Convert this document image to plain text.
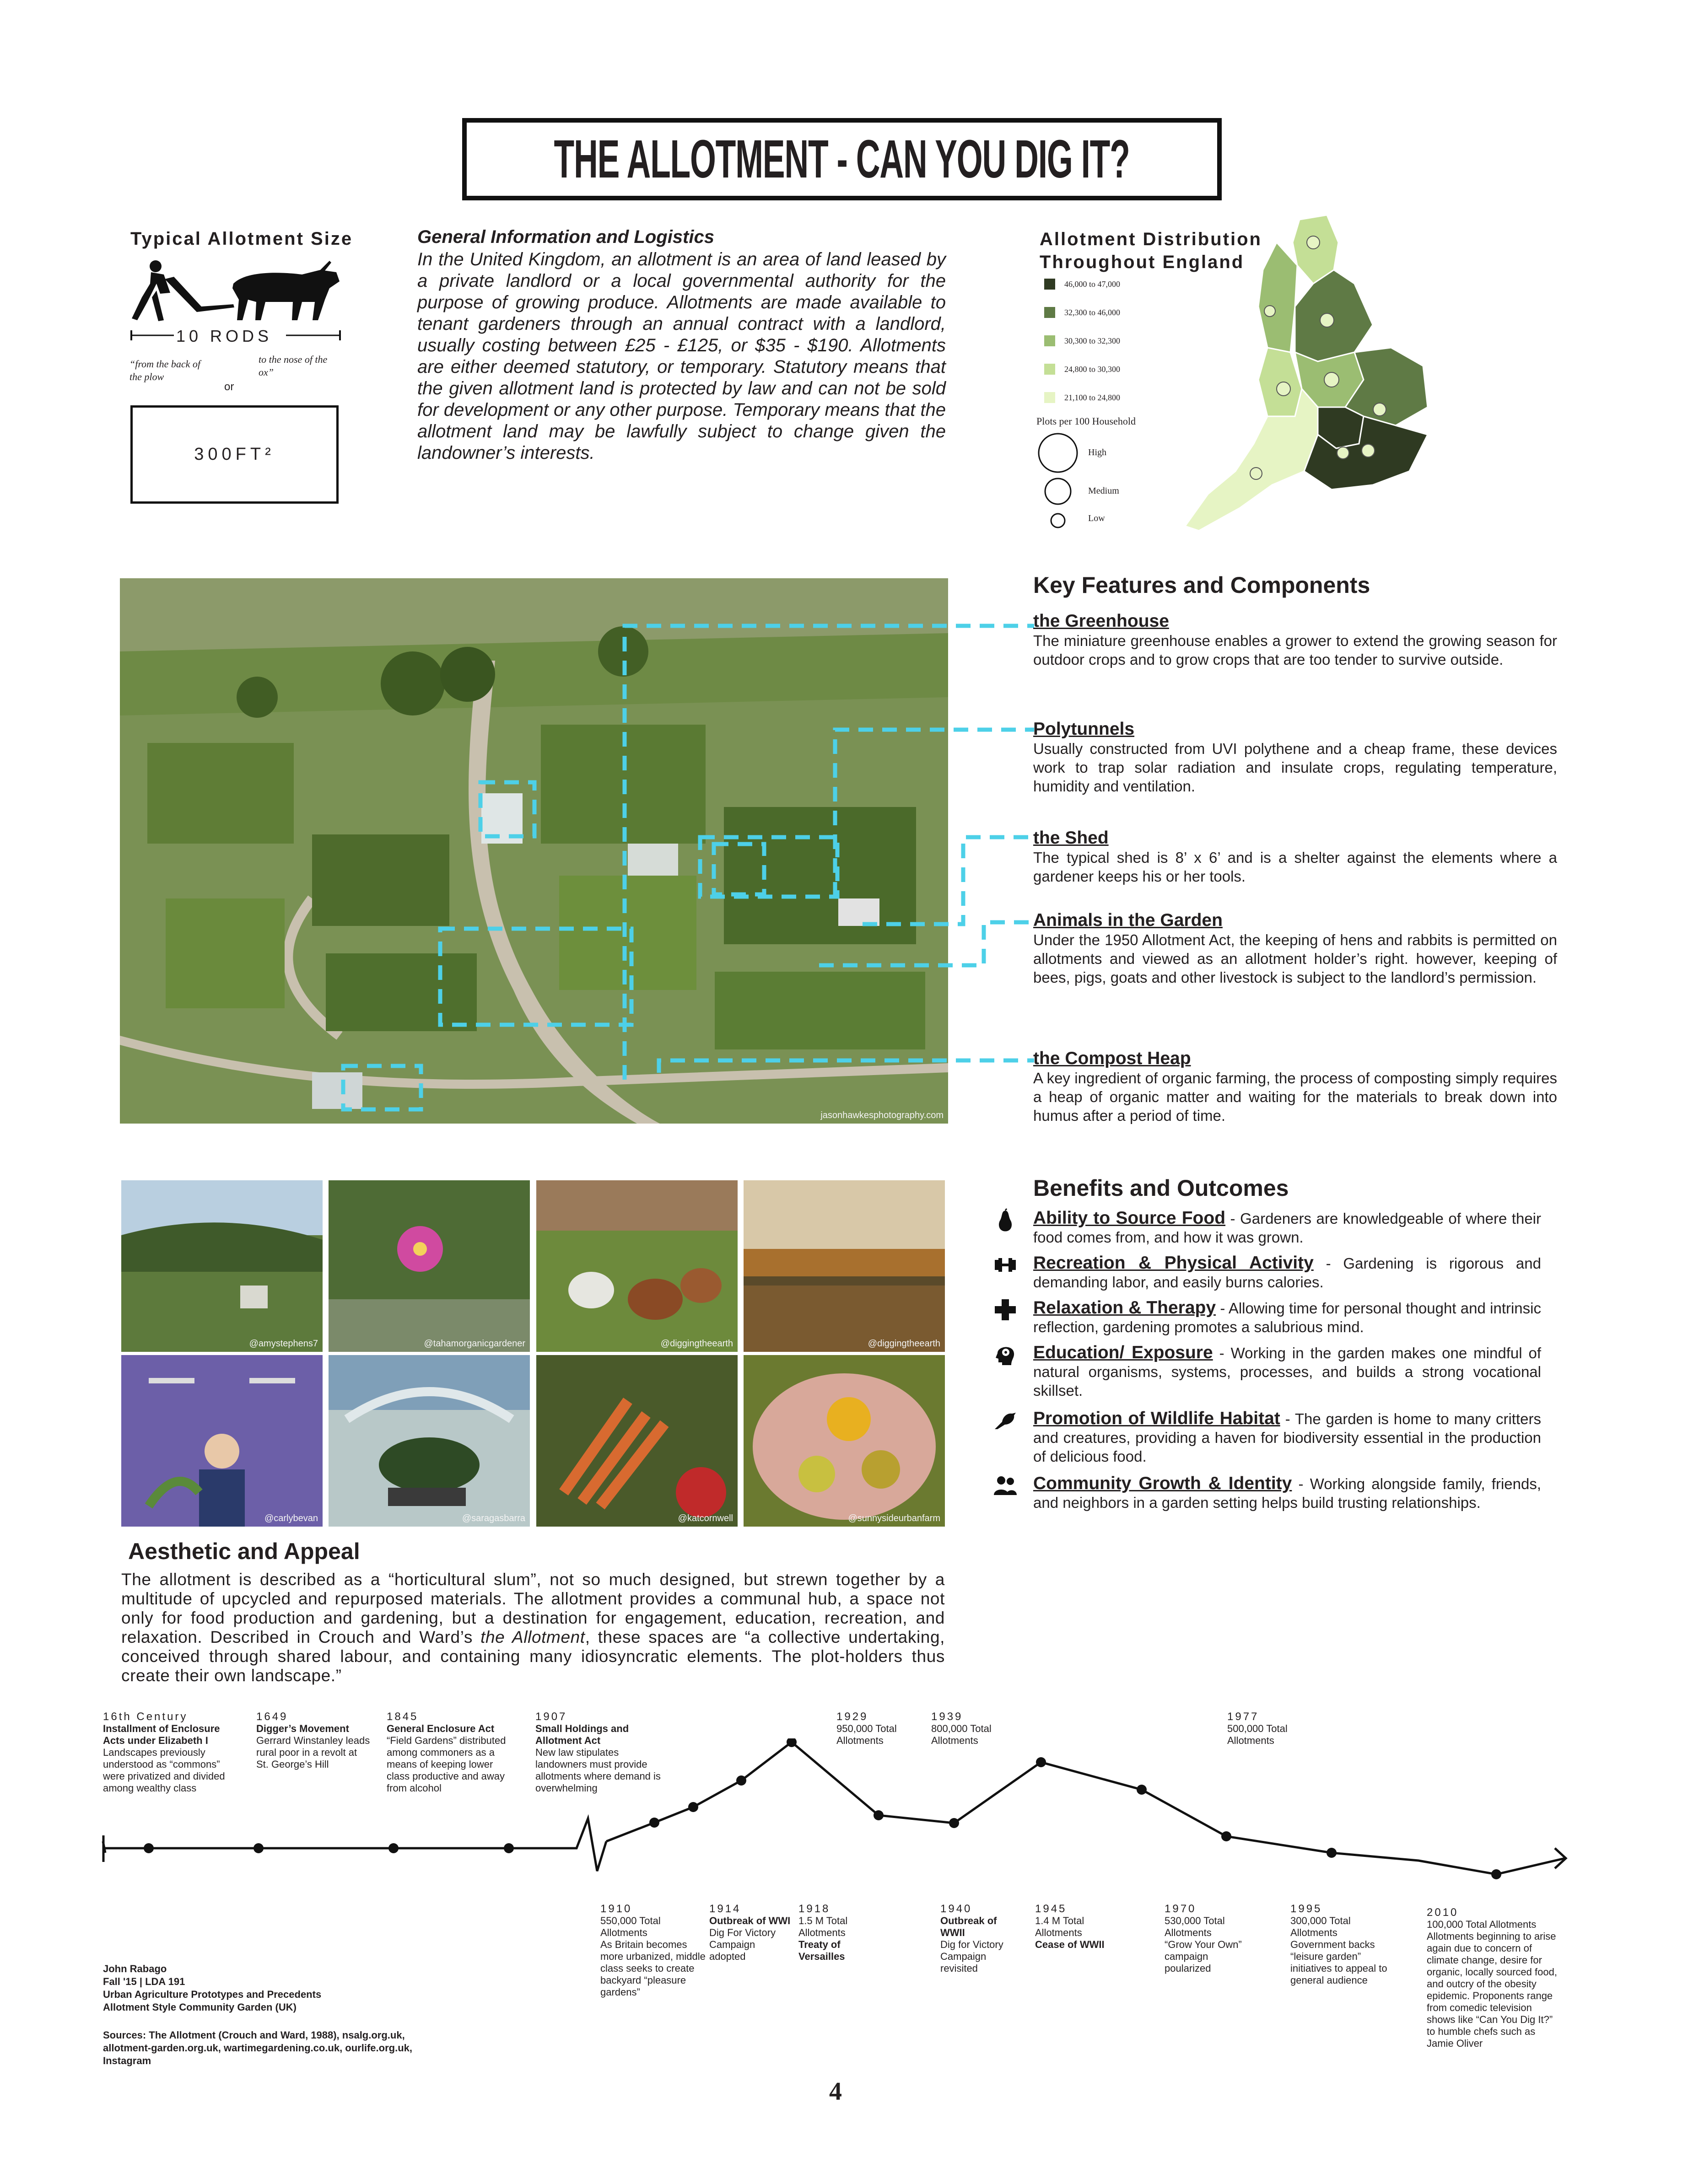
THE ALLOTMENT - CAN YOU DIG IT?
Typical Allotment Size
10 RODS
“from the back of the plow
to the nose of the ox”
or
300FT²
General Information and Logistics
In the United Kingdom, an allotment is an area of land leased by a private landlord or a local governmental authority for the purpose of growing produce. Allotments are made available to tenant gardeners through an annual contract with a landlord, usually costing between £25 - £125, or $35 - $190. Allotments are either deemed statutory, or temporary. Statutory means that the given allotment land is protected by law and can not be sold for development or any other purpose. Temporary means that the allotment land may be lawfully subject to change given the landowner’s interests.
Allotment Distribution
Throughout England
46,000 to 47,000
32,300 to 46,000
30,300 to 32,300
24,800 to 30,300
21,100 to 24,800
Plots per 100 Household
High
Medium
Low
jasonhawkesphotography.com
Key Features and Components
the Greenhouse
The miniature greenhouse enables a grower to extend the growing season for outdoor crops and to grow crops that are too tender to survive outside.
Polytunnels
Usually constructed from UVI polythene and a cheap frame, these devices work to trap solar radiation and insulate crops, regulating temperature, humidity and ventilation.
the Shed
The typical shed is 8’ x 6’ and is a shelter against the elements where a gardener keeps his or her tools.
Animals in the Garden
Under the 1950 Allotment Act, the keeping of hens and rabbits is permitted on allotments and viewed as an allotment holder’s right. however, keeping of bees, pigs, goats and other livestock is subject to the landlord’s permission.
the Compost Heap
A key ingredient of organic farming, the process of composting simply requires a heap of organic matter and waiting for the materials to break down into humus after a period of time.
@amystephens7	@tahamorganicgardener	@diggingtheearth	@diggingtheearth
@carlybevan	@saragasbarra	@katcornwell	@sunnysideurbanfarm
Benefits and Outcomes
Ability to Source Food - Gardeners are knowledgeable of where their food comes from, and how it was grown.
Recreation & Physical Activity - Gardening is rigorous and demanding labor, and easily burns calories.
Relaxation & Therapy - Allowing time for personal thought and intrinsic reflection, gardening promotes a salubrious mind.
Education/ Exposure - Working in the garden makes one mindful of natural organisms, systems, processes, and builds a strong vocational skillset.
Promotion of Wildlife Habitat - The garden is home to many critters and creatures, providing a haven for biodiversity essential in the production of delicious food.
Community Growth & Identity - Working alongside family, friends, and neighbors in a garden setting helps build trusting relationships.
Aesthetic and Appeal
The allotment is described as a “horticultural slum”, not so much designed, but strewn together by a multitude of upcycled and repurposed materials. The allotment provides a communal hub, a space not only for food production and gardening, but a destination for engagement, education, recreation, and relaxation. Described in Crouch and Ward’s the Allotment, these spaces are “a collective undertaking, conceived through shared labour, and containing many idiosyncratic elements. The plot-holders thus create their own landscape.”
16th Century
Installment of Enclosure Acts under Elizabeth I
Landscapes previously understood as “commons” were privatized and divided among wealthy class
1649
Digger’s Movement
Gerrard Winstanley leads rural poor in a revolt at St. George’s Hill
1845
General Enclosure Act
“Field Gardens” distributed among commoners as a means of keeping lower class productive and away from alcohol
1907
Small Holdings and Allotment Act
New law stipulates landowners must provide allotments where demand is overwhelming
1929
950,000 Total Allotments
1939
800,000 Total Allotments
1977
500,000 Total Allotments
1910
550,000 Total Allotments
As Britain becomes more urbanized, middle class seeks to create backyard “pleasure gardens”
1914
Outbreak of WWI
Dig For Victory Campaign adopted
1918
1.5 M Total Allotments
Treaty of Versailles
1940
Outbreak of WWII
Dig for Victory Campaign revisited
1945
1.4 M Total Allotments
Cease of WWII
1970
530,000 Total Allotments
“Grow Your Own” campaign poularized
1995
300,000 Total Allotments
Government backs “leisure garden” initiatives to appeal to general audience
2010
100,000 Total Allotments
Allotments beginning to arise again due to concern of climate change, desire for organic, locally sourced food, and outcry of the obesity epidemic. Proponents range from comedic television shows like “Can You Dig It?” to humble chefs such as Jamie Oliver
John Rabago
Fall '15 | LDA 191
Urban Agriculture Prototypes and Precedents
Allotment Style Community Garden (UK)
Sources: The Allotment (Crouch and Ward, 1988), nsalg.org.uk, allotment-garden.org.uk, wartimegardening.co.uk, ourlife.org.uk, Instagram
4
